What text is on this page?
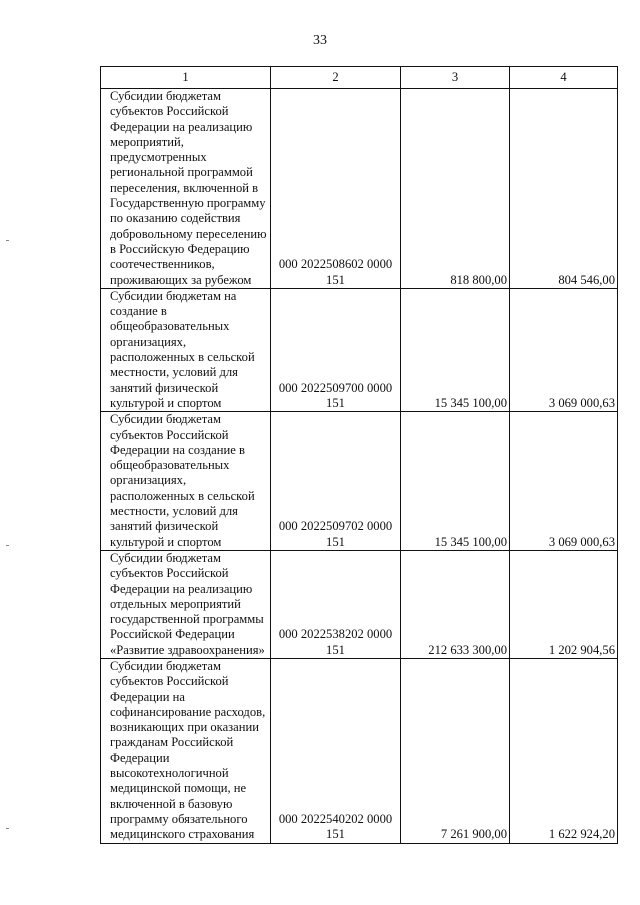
33
1	2	3	4

Субсидии бюджетам субъектов Российской Федерации на реализацию мероприятий, предусмотренных региональной программой переселения, включенной в Государственную программу по оказанию содействия добровольному переселению в Российскую Федерацию соотечественников, проживающих за рубежом	000 2022508602 0000 151	818 800,00	804 546,00

Субсидии бюджетам на создание в общеобразовательных организациях, расположенных в сельской местности, условий для занятий физической культурой и спортом	000 2022509700 0000 151	15 345 100,00	3 069 000,63

Субсидии бюджетам субъектов Российской Федерации на создание в общеобразовательных организациях, расположенных в сельской местности, условий для занятий физической культурой и спортом	000 2022509702 0000 151	15 345 100,00	3 069 000,63

Субсидии бюджетам субъектов Российской Федерации на реализацию отдельных мероприятий государственной программы Российской Федерации «Развитие здравоохранения»	000 2022538202 0000 151	212 633 300,00	1 202 904,56

Субсидии бюджетам субъектов Российской Федерации на софинансирование расходов, возникающих при оказании гражданам Российской Федерации высокотехнологичной медицинской помощи, не включенной в базовую программу обязательного медицинского страхования	000 2022540202 0000 151	7 261 900,00	1 622 924,20
